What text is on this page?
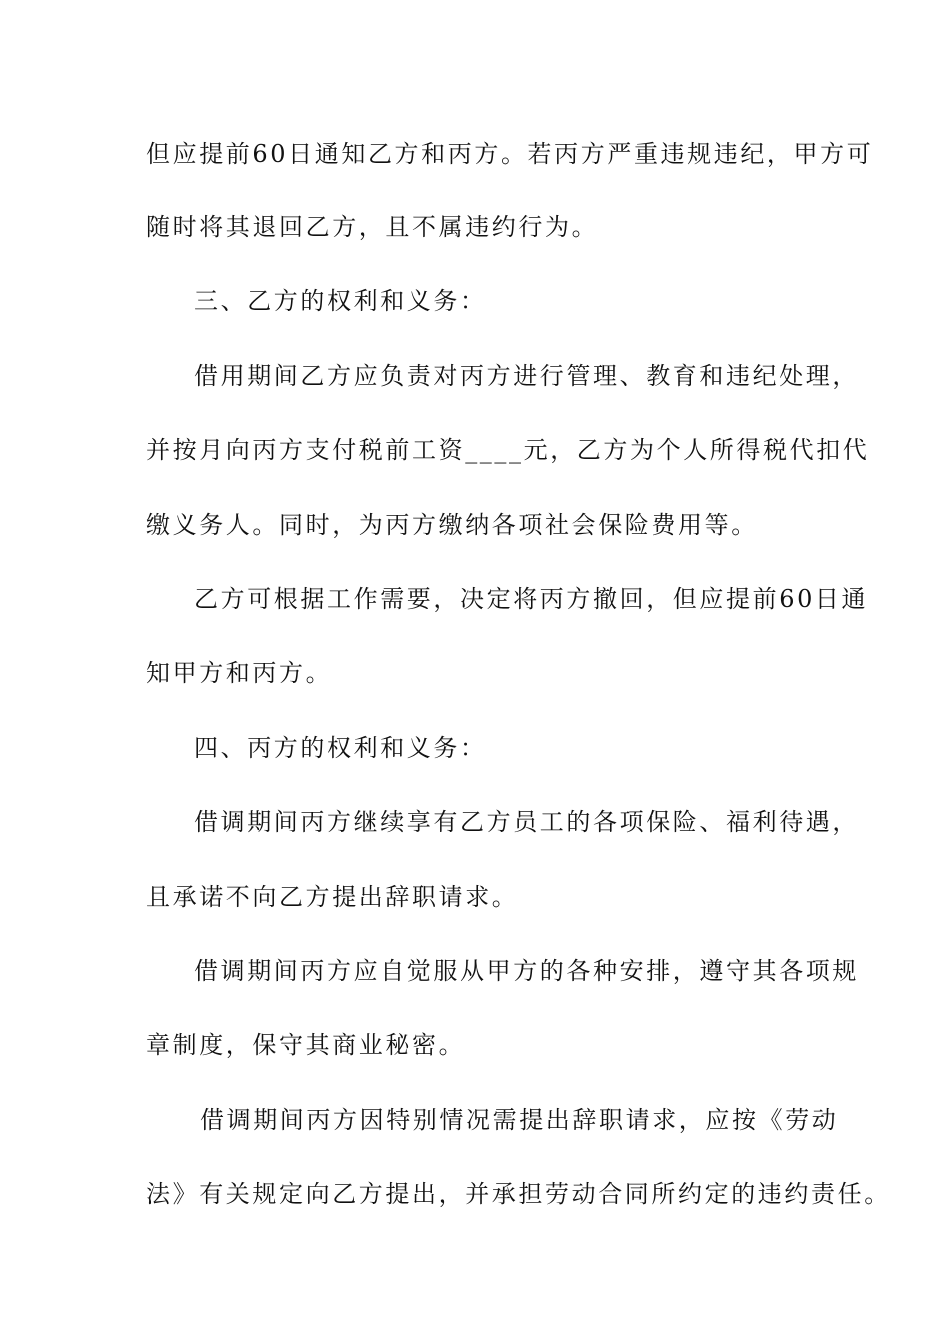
但应提前60日通知乙方和丙方。若丙方严重违规违纪，甲方可
随时将其退回乙方，且不属违约行为。
三、乙方的权利和义务：
借用期间乙方应负责对丙方进行管理、教育和违纪处理，
并按月向丙方支付税前工资____元，乙方为个人所得税代扣代
缴义务人。同时，为丙方缴纳各项社会保险费用等。
乙方可根据工作需要，决定将丙方撤回，但应提前60日通
知甲方和丙方。
四、丙方的权利和义务：
借调期间丙方继续享有乙方员工的各项保险、福利待遇，
且承诺不向乙方提出辞职请求。
借调期间丙方应自觉服从甲方的各种安排，遵守其各项规
章制度，保守其商业秘密。
借调期间丙方因特别情况需提出辞职请求，应按《劳动
法》有关规定向乙方提出，并承担劳动合同所约定的违约责任。
